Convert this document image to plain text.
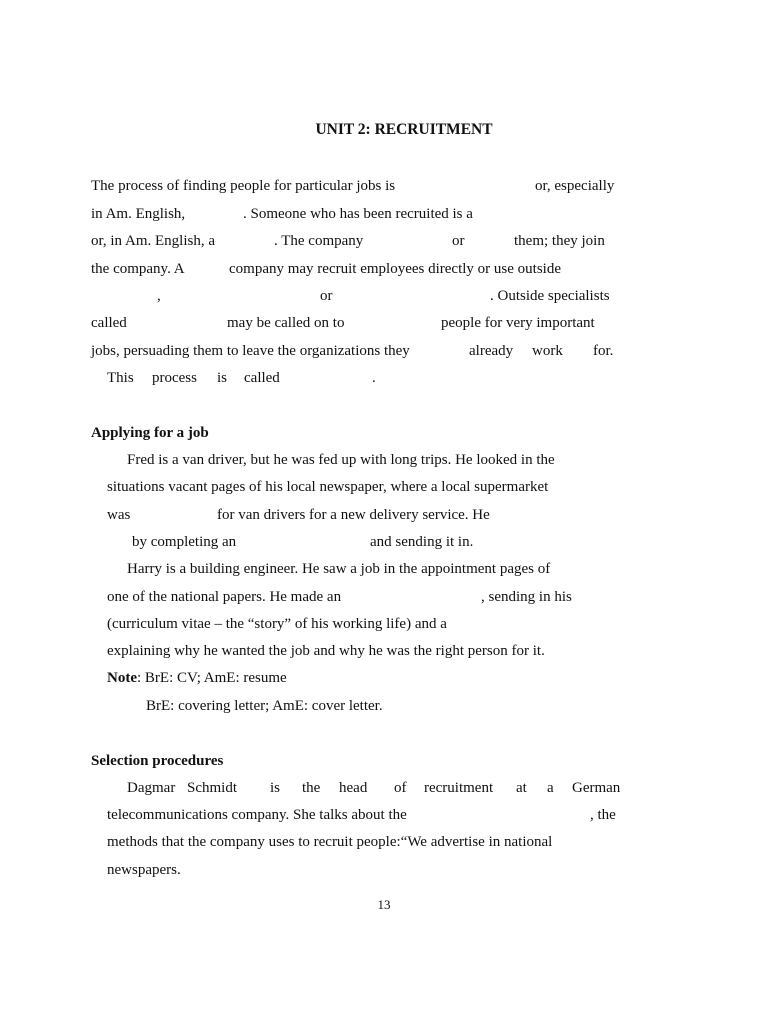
UNIT 2: RECRUITMENT
The process of finding people for particular jobs is	or, especially
in Am. English,	. Someone who has been recruited is a
or, in Am. English, a	. The company	or	them; they join
the company. A	company may recruit employees directly or use outside
,	or	. Outside specialists
called	may be called on to	people for very important
jobs, persuading them to leave the organizations they	already work for.
This process is called	.
Applying for a job
Fred is a van driver, but he was fed up with long trips. He looked in the
situations vacant pages of his local newspaper, where a local supermarket
was	for van drivers for a new delivery service. He
by completing an	and sending it in.
Harry is a building engineer. He saw a job in the appointment pages of
one of the national papers. He made an	, sending in his
(curriculum vitae – the “story” of his working life) and a
explaining why he wanted the job and why he was the right person for it.
Note: BrE: CV; AmE: resume
BrE: covering letter; AmE: cover letter.
Selection procedures
Dagmar Schmidt is the head of recruitment at a German
telecommunications company. She talks about the	, the
methods that the company uses to recruit people:“We advertise in national
newspapers.
13
